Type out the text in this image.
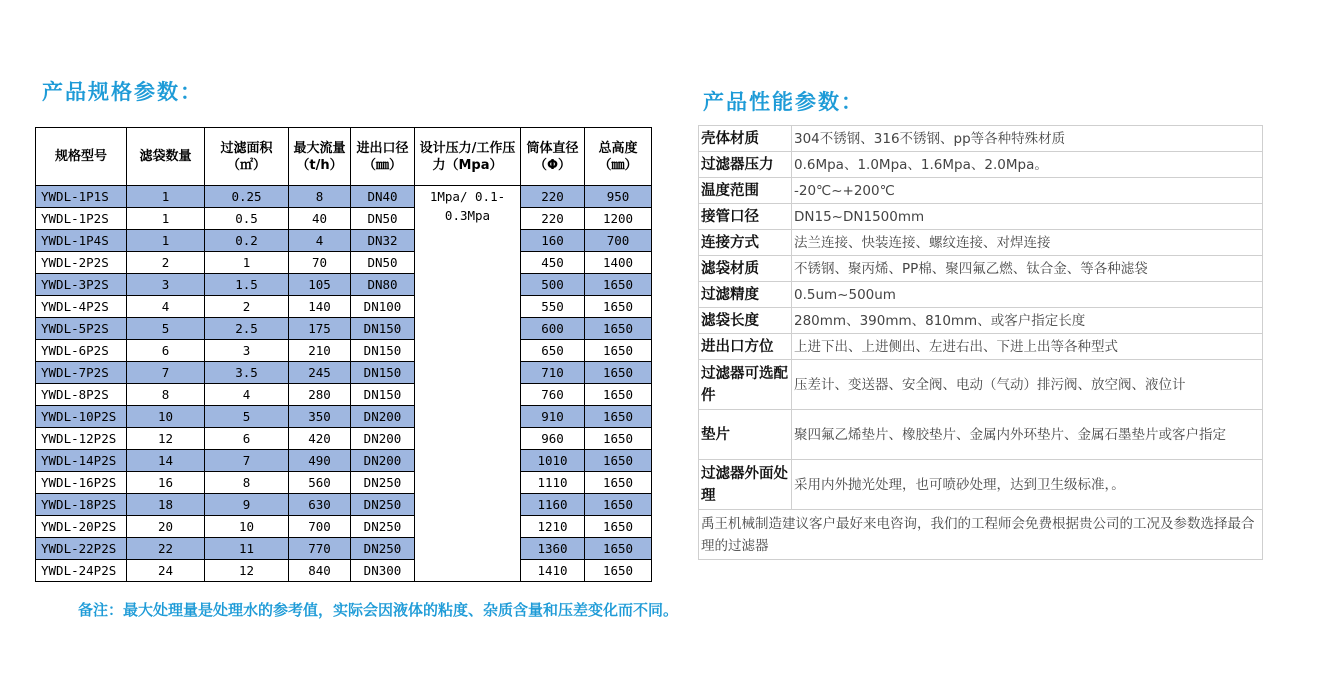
产品规格参数：	产品性能参数：
规格型号	滤袋数量	过滤面积（㎡）	最大流量（t/h）	进出口径（㎜）	设计压力/工作压力（Mpa）	筒体直径（Φ）	总高度（㎜）
YWDL-1P1S	1	0.25	8	DN40	1Mpa/ 0.1-0.3Mpa	220	950
YWDL-1P2S	1	0.5	40	DN50		220	1200
YWDL-1P4S	1	0.2	4	DN32		160	700
YWDL-2P2S	2	1	70	DN50		450	1400
YWDL-3P2S	3	1.5	105	DN80		500	1650
YWDL-4P2S	4	2	140	DN100		550	1650
YWDL-5P2S	5	2.5	175	DN150		600	1650
YWDL-6P2S	6	3	210	DN150		650	1650
YWDL-7P2S	7	3.5	245	DN150		710	1650
YWDL-8P2S	8	4	280	DN150		760	1650
YWDL-10P2S	10	5	350	DN200		910	1650
YWDL-12P2S	12	6	420	DN200		960	1650
YWDL-14P2S	14	7	490	DN200		1010	1650
YWDL-16P2S	16	8	560	DN250		1110	1650
YWDL-18P2S	18	9	630	DN250		1160	1650
YWDL-20P2S	20	10	700	DN250		1210	1650
YWDL-22P2S	22	11	770	DN250		1360	1650
YWDL-24P2S	24	12	840	DN300		1410	1650
壳体材质	304不锈钢、316不锈钢、pp等各种特殊材质
过滤器压力	0.6Mpa、1.0Mpa、1.6Mpa、2.0Mpa。
温度范围	-20℃~+200℃
接管口径	DN15~DN1500mm
连接方式	法兰连接、快装连接、螺纹连接、对焊连接
滤袋材质	不锈钢、聚丙烯、PP棉、聚四氟乙燃、钛合金、等各种滤袋
过滤精度	0.5um~500um
滤袋长度	280mm、390mm、810mm、或客户指定长度
进出口方位	上进下出、上进侧出、左进右出、下进上出等各种型式
过滤器可选配件	压差计、变送器、安全阀、电动（气动）排污阀、放空阀、液位计
垫片	聚四氟乙烯垫片、橡胶垫片、金属内外环垫片、金属石墨垫片或客户指定
过滤器外面处理	采用内外抛光处理，也可喷砂处理，达到卫生级标准，。
禹王机械制造建议客户最好来电咨询，我们的工程师会免费根据贵公司的工况及参数选择最合理的过滤器	
备注：最大处理量是处理水的参考值，实际会因液体的粘度、杂质含量和压差变化而不同。
